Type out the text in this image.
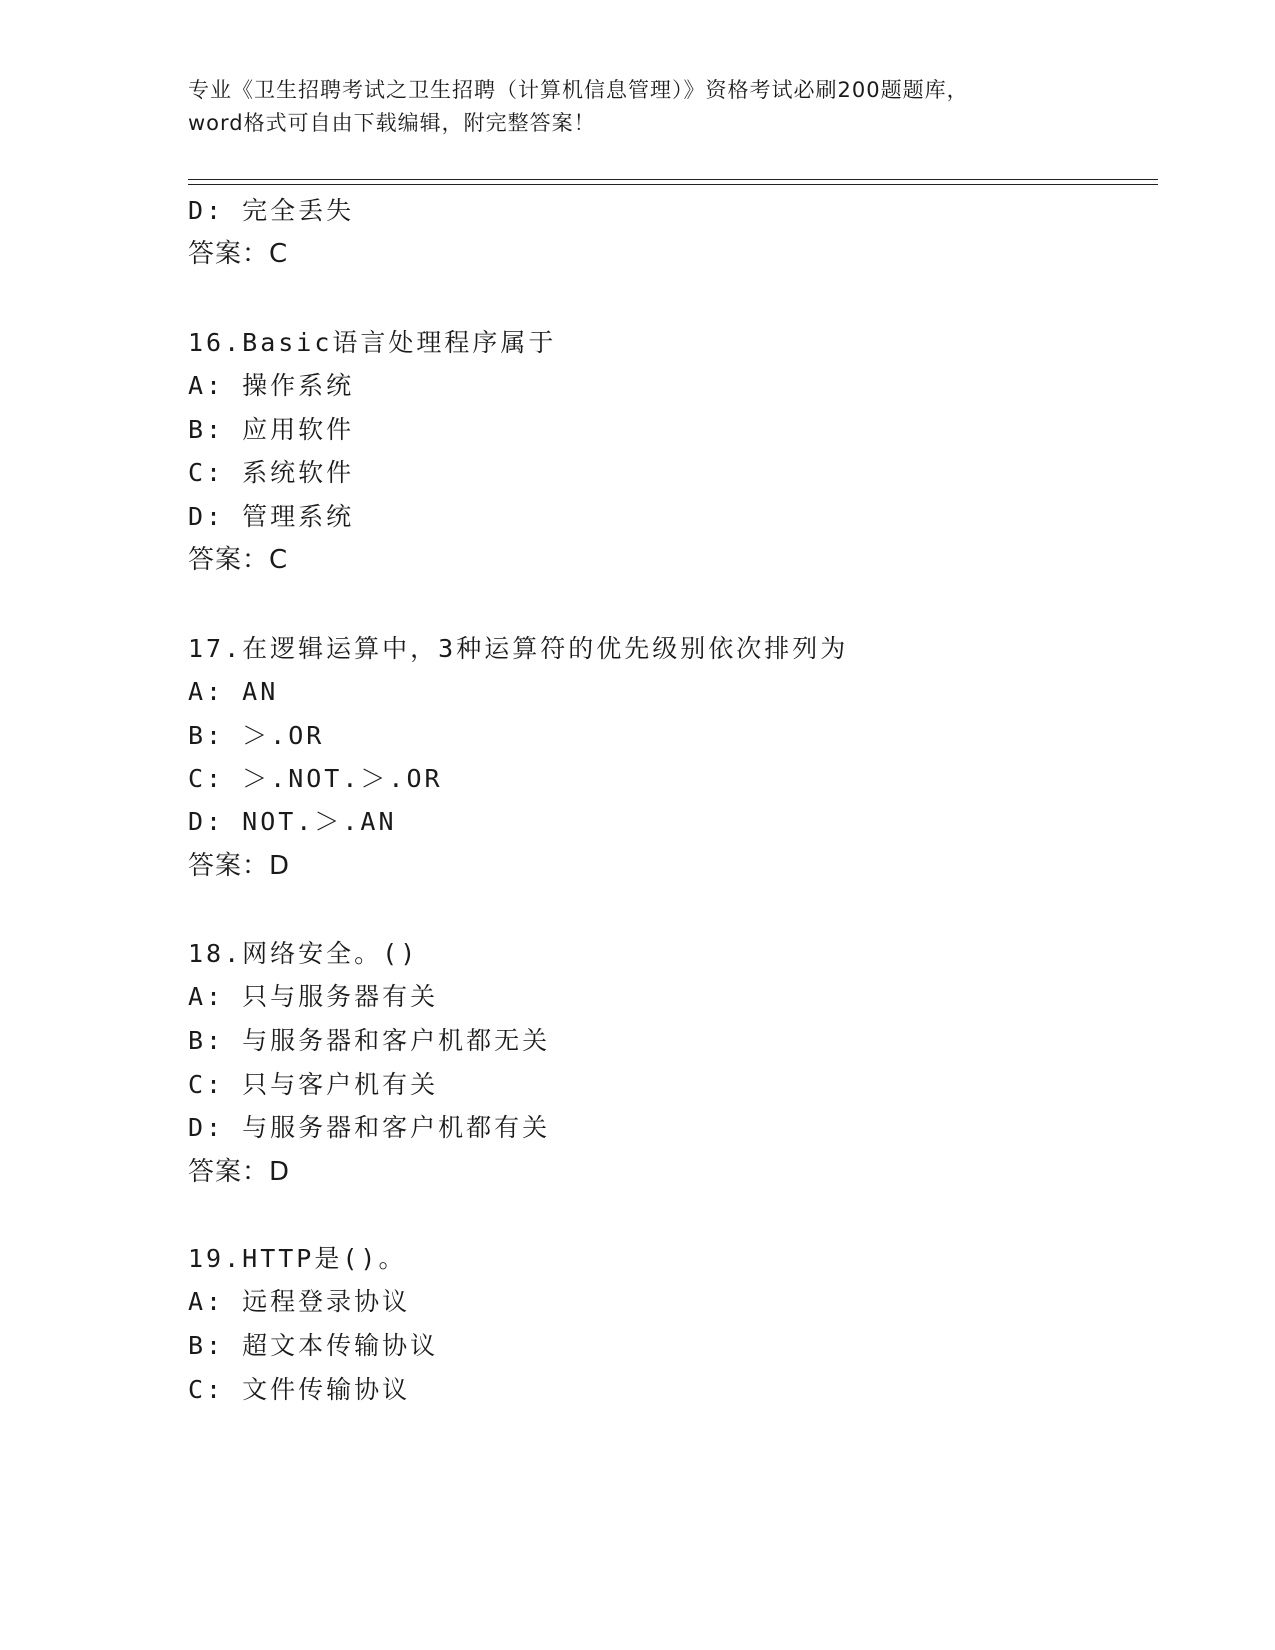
专业《卫生招聘考试之卫生招聘（计算机信息管理）》资格考试必刷200题题库，
word格式可自由下载编辑，附完整答案！
D: 完全丢失
答案：C
16.Basic语言处理程序属于
A: 操作系统
B: 应用软件
C: 系统软件
D: 管理系统
答案：C
17.在逻辑运算中，3种运算符的优先级别依次排列为
A: AN
B: ＞.OR
C: ＞.NOT.＞.OR
D: NOT.＞.AN
答案：D
18.网络安全。()
A: 只与服务器有关
B: 与服务器和客户机都无关
C: 只与客户机有关
D: 与服务器和客户机都有关
答案：D
19.HTTP是()。
A: 远程登录协议
B: 超文本传输协议
C: 文件传输协议
